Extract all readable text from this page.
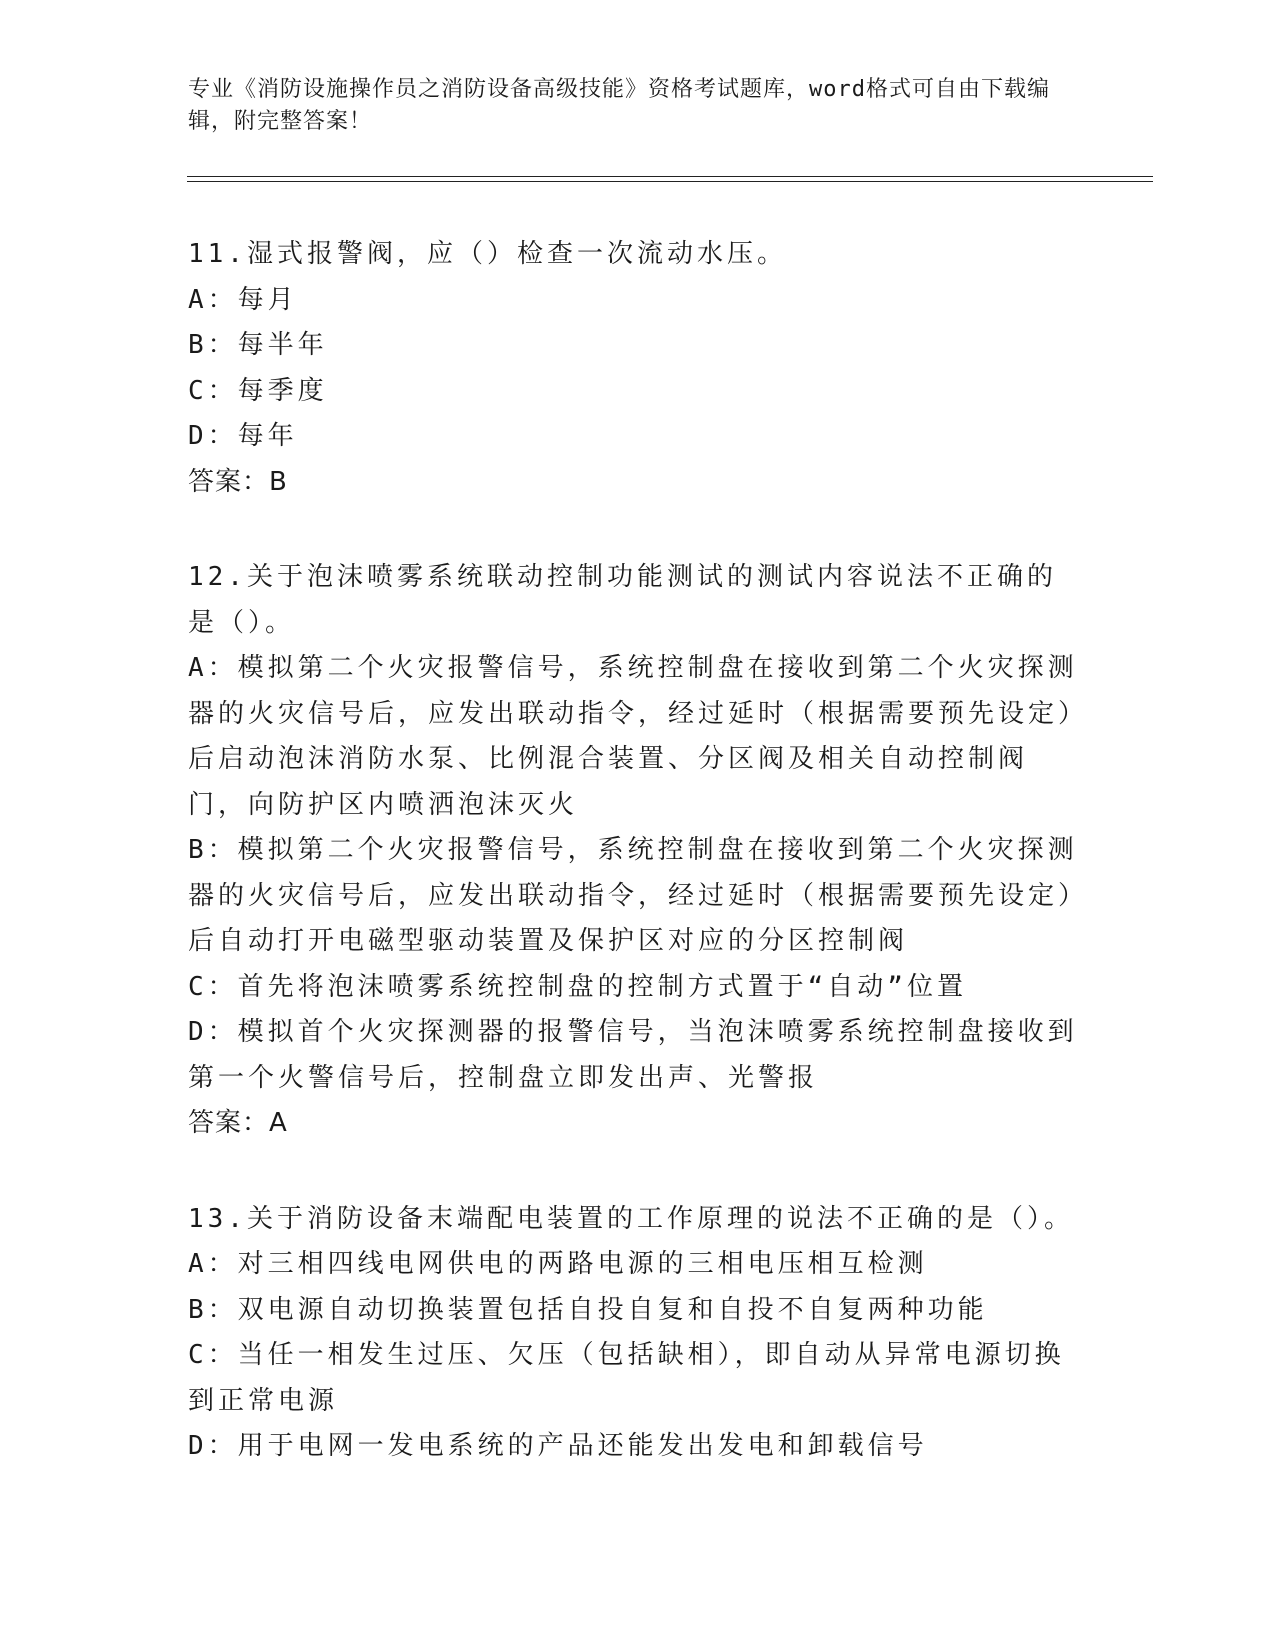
专业《消防设施操作员之消防设备高级技能》资格考试题库，word格式可自由下载编辑，附完整答案！
11.湿式报警阀，应（）检查一次流动水压。
A：每月
B：每半年
C：每季度
D：每年
答案：B
12.关于泡沫喷雾系统联动控制功能测试的测试内容说法不正确的是（）。
A：模拟第二个火灾报警信号，系统控制盘在接收到第二个火灾探测器的火灾信号后，应发出联动指令，经过延时（根据需要预先设定）后启动泡沫消防水泵、比例混合装置、分区阀及相关自动控制阀门，向防护区内喷洒泡沫灭火
B：模拟第二个火灾报警信号，系统控制盘在接收到第二个火灾探测器的火灾信号后，应发出联动指令，经过延时（根据需要预先设定）后自动打开电磁型驱动装置及保护区对应的分区控制阀
C：首先将泡沫喷雾系统控制盘的控制方式置于“自动”位置
D：模拟首个火灾探测器的报警信号，当泡沫喷雾系统控制盘接收到第一个火警信号后，控制盘立即发出声、光警报
答案：A
13.关于消防设备末端配电装置的工作原理的说法不正确的是（）。
A：对三相四线电网供电的两路电源的三相电压相互检测
B：双电源自动切换装置包括自投自复和自投不自复两种功能
C：当任一相发生过压、欠压（包括缺相），即自动从异常电源切换到正常电源
D：用于电网一发电系统的产品还能发出发电和卸载信号
